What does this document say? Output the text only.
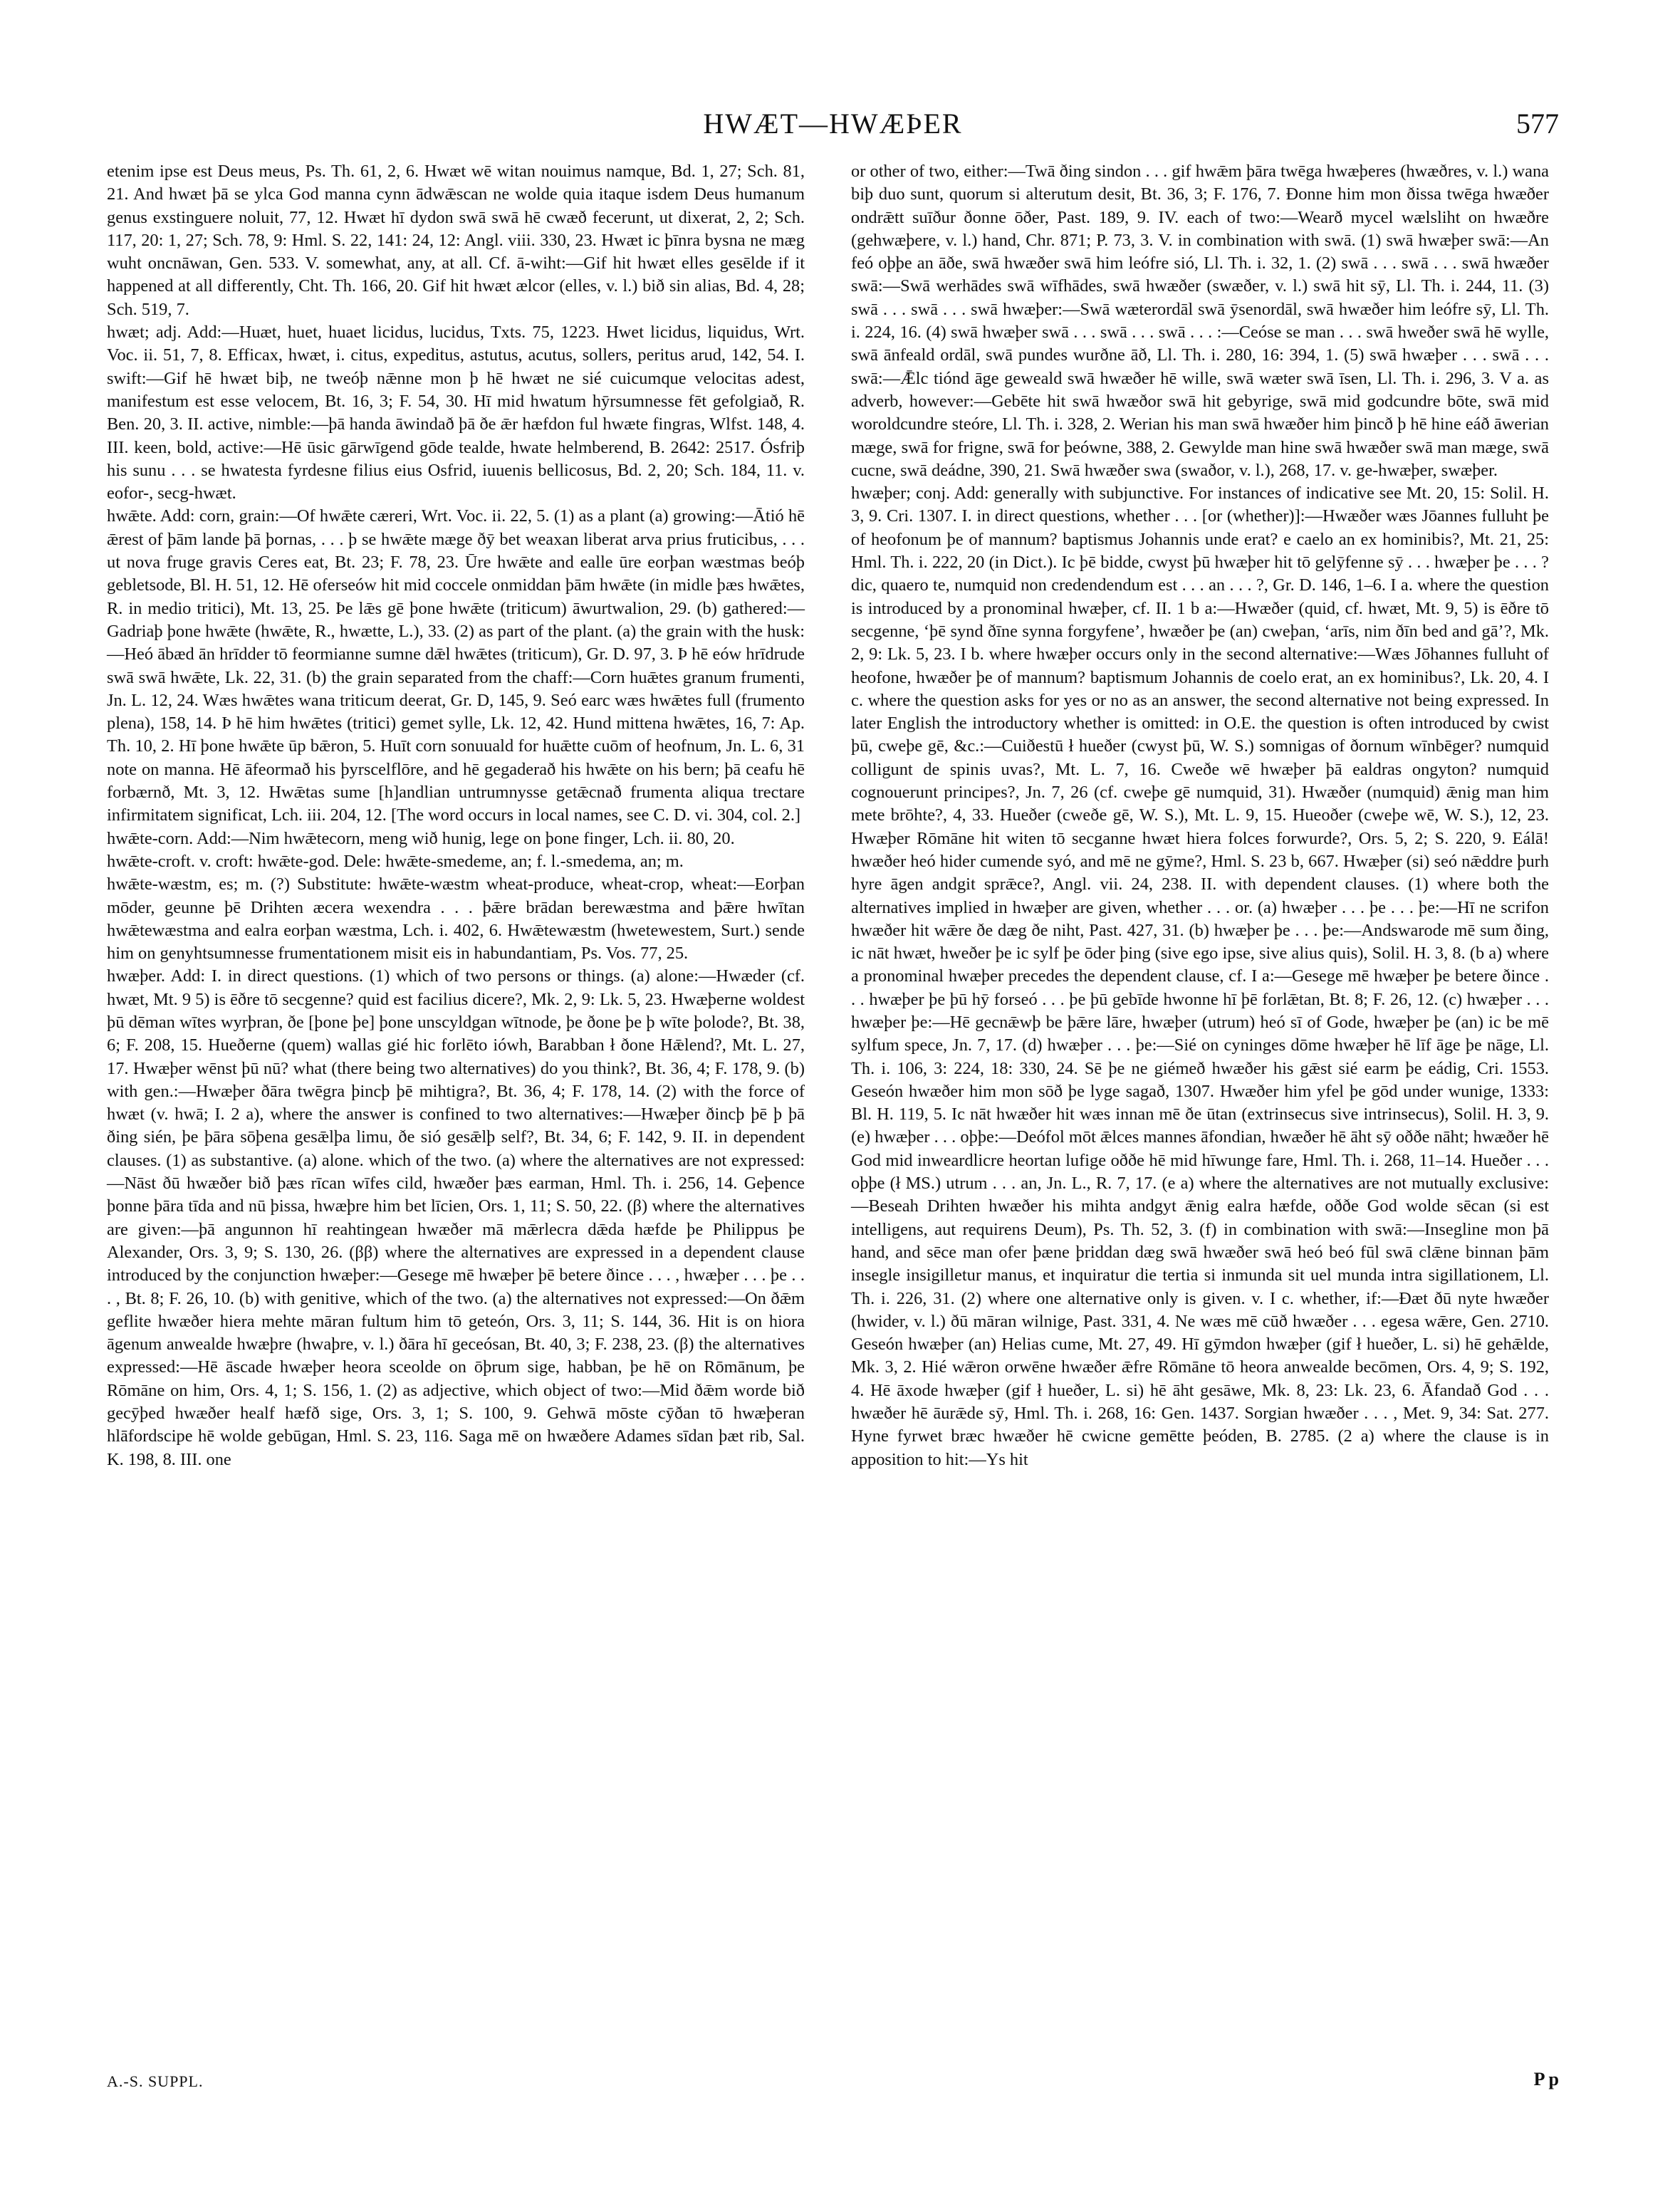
HWÆT—HWÆÞER	577

etenim ipse est Deus meus, Ps. Th. 61, 2, 6. Hwæt wē witan nouimus namque, Bd. 1, 27; Sch. 81, 21. And hwæt þā se ylca God manna cynn ādwǣscan ne wolde quia itaque isdem Deus humanum genus exstinguere noluit, 77, 12. Hwæt hī dydon swā swā hē cwæð fecerunt, ut dixerat, 2, 2; Sch. 117, 20: 1, 27; Sch. 78, 9: Hml. S. 22, 141: 24, 12: Angl. viii. 330, 23. Hwæt ic þīnra bysna ne mæg wuht oncnāwan, Gen. 533. V. somewhat, any, at all. Cf. ā-wiht:—Gif hit hwæt elles gesēlde if it happened at all differently, Cht. Th. 166, 20. Gif hit hwæt ælcor (elles, v. l.) bið sin alias, Bd. 4, 28; Sch. 519, 7.

hwæt; adj. Add:—Huæt, huet, huaet licidus, lucidus, Txts. 75, 1223. Hwet licidus, liquidus, Wrt. Voc. ii. 51, 7, 8. Efficax, hwæt, i. citus, expeditus, astutus, acutus, sollers, peritus arud, 142, 54. I. swift:—Gif hē hwæt biþ, ne tweóþ nǣnne mon þ hē hwæt ne sié cuicumque velocitas adest, manifestum est esse velocem, Bt. 16, 3; F. 54, 30. Hī mid hwatum hȳrsumnesse fēt gefolgiað, R. Ben. 20, 3. II. active, nimble:—þā handa āwindað þā ðe ǣr hæfdon ful hwæte fingras, Wlfst. 148, 4. III. keen, bold, active:—Hē ūsic gārwīgend gōde tealde, hwate helmberend, B. 2642: 2517. Ósfriþ his sunu . . . se hwatesta fyrdesne filius eius Osfrid, iuuenis bellicosus, Bd. 2, 20; Sch. 184, 11. v. eofor-, secg-hwæt.

hwǣte. Add: corn, grain:—Of hwǣte cæreri, Wrt. Voc. ii. 22, 5. (1) as a plant (a) growing:—Ātió hē ǣrest of þām lande þā þornas, . . . þ se hwǣte mæge ðȳ bet weaxan liberat arva prius fruticibus, . . . ut nova fruge gravis Ceres eat, Bt. 23; F. 78, 23. Ūre hwǣte and ealle ūre eorþan wæstmas beóþ gebletsode, Bl. H. 51, 12. Hē oferseów hit mid coccele onmiddan þām hwǣte (in midle þæs hwǣtes, R. in medio tritici), Mt. 13, 25. Þe lǣs gē þone hwǣte (triticum) āwurtwalion, 29. (b) gathered:—Gadriaþ þone hwǣte (hwǣte, R., hwætte, L.), 33. (2) as part of the plant. (a) the grain with the husk:—Heó ābæd ān hrīdder tō feormianne sumne dǣl hwǣtes (triticum), Gr. D. 97, 3. Þ hē eów hrīdrude swā swā hwǣte, Lk. 22, 31. (b) the grain separated from the chaff:—Corn huǣtes granum frumenti, Jn. L. 12, 24. Wæs hwǣtes wana triticum deerat, Gr. D, 145, 9. Seó earc wæs hwǣtes full (frumento plena), 158, 14. Þ hē him hwǣtes (tritici) gemet sylle, Lk. 12, 42. Hund mittena hwǣtes, 16, 7: Ap. Th. 10, 2. Hī þone hwǣte ūp bǣron, 5. Huīt corn sonuuald for huǣtte cuōm of heofnum, Jn. L. 6, 31 note on manna. Hē āfeormað his þyrscelflōre, and hē gegaderað his hwǣte on his bern; þā ceafu hē forbærnð, Mt. 3, 12. Hwǣtas sume [h]andlian untrumnysse getǣcnað frumenta aliqua trectare infirmitatem significat, Lch. iii. 204, 12. [The word occurs in local names, see C. D. vi. 304, col. 2.]

hwǣte-corn. Add:—Nim hwǣtecorn, meng wið hunig, lege on þone finger, Lch. ii. 80, 20.

hwǣte-croft. v. croft: hwǣte-god. Dele: hwǣte-smedeme, an; f. l.-smedema, an; m.

hwǣte-wæstm, es; m. (?) Substitute: hwǣte-wæstm wheat-produce, wheat-crop, wheat:—Eorþan mōder, geunne þē Drihten æcera wexendra . . . þǣre brādan berewæstma and þǣre hwītan hwǣtewæstma and ealra eorþan wæstma, Lch. i. 402, 6. Hwǣtewæstm (hwetewestem, Surt.) sende him on genyhtsumnesse frumentationem misit eis in habundantiam, Ps. Vos. 77, 25.

hwæþer. Add: I. in direct questions. (1) which of two persons or things. (a) alone:—Hwæder (cf. hwæt, Mt. 9 5) is ēðre tō secgenne? quid est facilius dicere?, Mk. 2, 9: Lk. 5, 23. Hwæþerne woldest þū dēman wītes wyrþran, ðe [þone þe] þone unscyldgan wītnode, þe ðone þe þ wīte þolode?, Bt. 38, 6; F. 208, 15. Hueðerne (quem) wallas gié hic forlēto iówh, Barabban ł ðone Hǣlend?, Mt. L. 27, 17. Hwæþer wēnst þū nū? what (there being two alternatives) do you think?, Bt. 36, 4; F. 178, 9. (b) with gen.:—Hwæþer ðāra twēgra þincþ þē mihtigra?, Bt. 36, 4; F. 178, 14. (2) with the force of hwæt (v. hwā; I. 2 a), where the answer is confined to two alternatives:—Hwæþer ðincþ þē þ þā ðing sién, þe þāra sōþena gesǣlþa limu, ðe sió gesǣlþ self?, Bt. 34, 6; F. 142, 9. II. in dependent clauses. (1) as substantive. (a) alone. which of the two. (a) where the alternatives are not expressed:—Nāst ðū hwæðer bið þæs rīcan wīfes cild, hwæðer þæs earman, Hml. Th. i. 256, 14. Geþence þonne þāra tīda and nū þissa, hwæþre him bet līcien, Ors. 1, 11; S. 50, 22. (β) where the alternatives are given:—þā angunnon hī reahtingean hwæðer mā mǣrlecra dǣda hæfde þe Philippus þe Alexander, Ors. 3, 9; S. 130, 26. (ββ) where the alternatives are expressed in a dependent clause introduced by the conjunction hwæþer:—Gesege mē hwæþer þē betere ðince . . . , hwæþer . . . þe . . . , Bt. 8; F. 26, 10. (b) with genitive, which of the two. (a) the alternatives not expressed:—On ðǣm geflite hwæðer hiera mehte māran fultum him tō geteón, Ors. 3, 11; S. 144, 36. Hit is on hiora āgenum anwealde hwæþre (hwaþre, v. l.) ðāra hī geceósan, Bt. 40, 3; F. 238, 23. (β) the alternatives expressed:—Hē āscade hwæþer heora sceolde on ōþrum sige, habban, þe hē on Rōmānum, þe Rōmāne on him, Ors. 4, 1; S. 156, 1. (2) as adjective, which object of two:—Mid ðǣm worde bið gecȳþed hwæðer healf hæfð sige, Ors. 3, 1; S. 100, 9. Gehwā mōste cȳðan tō hwæþeran hlāfordscipe hē wolde gebūgan, Hml. S. 23, 116. Saga mē on hwæðere Adames sīdan þæt rib, Sal. K. 198, 8. III. one

or other of two, either:—Twā ðing sindon . . . gif hwǣm þāra twēga hwæþeres (hwæðres, v. l.) wana biþ duo sunt, quorum si alterutum desit, Bt. 36, 3; F. 176, 7. Ðonne him mon ðissa twēga hwæðer ondrǣtt suīður ðonne ōðer, Past. 189, 9. IV. each of two:—Wearð mycel wælsliht on hwæðre (gehwæþere, v. l.) hand, Chr. 871; P. 73, 3. V. in combination with swā. (1) swā hwæþer swā:—An feó oþþe an āðe, swā hwæðer swā him leófre sió, Ll. Th. i. 32, 1. (2) swā . . . swā . . . swā hwæðer swā:—Swā werhādes swā wīfhādes, swā hwæðer (swæðer, v. l.) swā hit sȳ, Ll. Th. i. 244, 11. (3) swā . . . swā . . . swā hwæþer:—Swā wæterordāl swā ȳsenordāl, swā hwæðer him leófre sȳ, Ll. Th. i. 224, 16. (4) swā hwæþer swā . . . swā . . . swā . . . :—Ceóse se man . . . swā hweðer swā hē wylle, swā ānfeald ordāl, swā pundes wurðne āð, Ll. Th. i. 280, 16: 394, 1. (5) swā hwæþer . . . swā . . . swā:—Ǣlc tiónd āge geweald swā hwæðer hē wille, swā wæter swā īsen, Ll. Th. i. 296, 3. V a. as adverb, however:—Gebēte hit swā hwæðor swā hit gebyrige, swā mid godcundre bōte, swā mid woroldcundre steóre, Ll. Th. i. 328, 2. Werian his man swā hwæðer him þincð þ hē hine eáð āwerian mæge, swā for frigne, swā for þeówne, 388, 2. Gewylde man hine swā hwæðer swā man mæge, swā cucne, swā deádne, 390, 21. Swā hwæðer swa (swaðor, v. l.), 268, 17. v. ge-hwæþer, swæþer.

hwæþer; conj. Add: generally with subjunctive. For instances of indicative see Mt. 20, 15: Solil. H. 3, 9. Cri. 1307. I. in direct questions, whether . . . [or (whether)]:—Hwæðer wæs Jōannes fulluht þe of heofonum þe of mannum? baptismus Johannis unde erat? e caelo an ex hominibis?, Mt. 21, 25: Hml. Th. i. 222, 20 (in Dict.). Ic þē bidde, cwyst þū hwæþer hit tō gelȳfenne sȳ . . . hwæþer þe . . . ? dic, quaero te, numquid non credendendum est . . . an . . . ?, Gr. D. 146, 1–6. I a. where the question is introduced by a pronominal hwæþer, cf. II. 1 b a:—Hwæðer (quid, cf. hwæt, Mt. 9, 5) is ēðre tō secgenne, ‘þē synd ðīne synna forgyfene’, hwæðer þe (an) cweþan, ‘arīs, nim ðīn bed and gā’?, Mk. 2, 9: Lk. 5, 23. I b. where hwæþer occurs only in the second alternative:—Wæs Jōhannes fulluht of heofone, hwæðer þe of mannum? baptismum Johannis de coelo erat, an ex hominibus?, Lk. 20, 4. I c. where the question asks for yes or no as an answer, the second alternative not being expressed. In later English the introductory whether is omitted: in O.E. the question is often introduced by cwist þū, cweþe gē, &c.:—Cuiðestū ł hueðer (cwyst þū, W. S.) somnigas of ðornum wīnbēger? numquid colligunt de spinis uvas?, Mt. L. 7, 16. Cweðe wē hwæþer þā ealdras ongyton? numquid cognouerunt principes?, Jn. 7, 26 (cf. cweþe gē numquid, 31). Hwæðer (numquid) ǣnig man him mete brōhte?, 4, 33. Hueðer (cweðe gē, W. S.), Mt. L. 9, 15. Hueoðer (cweþe wē, W. S.), 12, 23. Hwæþer Rōmāne hit witen tō secganne hwæt hiera folces forwurde?, Ors. 5, 2; S. 220, 9. Eálā! hwæðer heó hider cumende syó, and mē ne gȳme?, Hml. S. 23 b, 667. Hwæþer (si) seó nǣddre þurh hyre āgen andgit sprǣce?, Angl. vii. 24, 238. II. with dependent clauses. (1) where both the alternatives implied in hwæþer are given, whether . . . or. (a) hwæþer . . . þe . . . þe:—Hī ne scrifon hwæðer hit wǣre ðe dæg ðe niht, Past. 427, 31. (b) hwæþer þe . . . þe:—Andswarode mē sum ðing, ic nāt hwæt, hweðer þe ic sylf þe ōder þing (sive ego ipse, sive alius quis), Solil. H. 3, 8. (b a) where a pronominal hwæþer precedes the dependent clause, cf. I a:—Gesege mē hwæþer þe betere ðince . . . hwæþer þe þū hȳ forseó . . . þe þū gebīde hwonne hī þē forlǣtan, Bt. 8; F. 26, 12. (c) hwæþer . . . hwæþer þe:—Hē gecnǣwþ be þǣre lāre, hwæþer (utrum) heó sī of Gode, hwæþer þe (an) ic be mē sylfum spece, Jn. 7, 17. (d) hwæþer . . . þe:—Sié on cyninges dōme hwæþer hē līf āge þe nāge, Ll. Th. i. 106, 3: 224, 18: 330, 24. Sē þe ne giémeð hwæðer his gǣst sié earm þe eádig, Cri. 1553. Geseón hwæðer him mon sōð þe lyge sagað, 1307. Hwæðer him yfel þe gōd under wunige, 1333: Bl. H. 119, 5. Ic nāt hwæðer hit wæs innan mē ðe ūtan (extrinsecus sive intrinsecus), Solil. H. 3, 9. (e) hwæþer . . . oþþe:—Deófol mōt ǣlces mannes āfondian, hwæðer hē āht sȳ oððe nāht; hwæðer hē God mid inweardlicre heortan lufige oððe hē mid hīwunge fare, Hml. Th. i. 268, 11–14. Hueðer . . . oþþe (ł MS.) utrum . . . an, Jn. L., R. 7, 17. (e a) where the alternatives are not mutually exclusive:—Beseah Drihten hwæðer his mihta andgyt ǣnig ealra hæfde, oððe God wolde sēcan (si est intelligens, aut requirens Deum), Ps. Th. 52, 3. (f) in combination with swā:—Insegline mon þā hand, and sēce man ofer þæne þriddan dæg swā hwæðer swā heó beó fūl swā clǣne binnan þām insegle insigilletur manus, et inquiratur die tertia si inmunda sit uel munda intra sigillationem, Ll. Th. i. 226, 31. (2) where one alternative only is given. v. I c. whether, if:—Ðæt ðū nyte hwæðer (hwider, v. l.) ðū māran wilnige, Past. 331, 4. Ne wæs mē cūð hwæðer . . . egesa wǣre, Gen. 2710. Geseón hwæþer (an) Helias cume, Mt. 27, 49. Hī gȳmdon hwæþer (gif ł hueðer, L. si) hē gehǣlde, Mk. 3, 2. Hié wǣron orwēne hwæðer ǣfre Rōmāne tō heora anwealde becōmen, Ors. 4, 9; S. 192, 4. Hē āxode hwæþer (gif ł hueðer, L. si) hē āht gesāwe, Mk. 8, 23: Lk. 23, 6. Āfandað God . . . hwæðer hē āurǣde sȳ, Hml. Th. i. 268, 16: Gen. 1437. Sorgian hwæðer . . . , Met. 9, 34: Sat. 277. Hyne fyrwet bræc hwæðer hē cwicne gemētte þeóden, B. 2785. (2 a) where the clause is in apposition to hit:—Ys hit

A.-S. SUPPL.	P p
